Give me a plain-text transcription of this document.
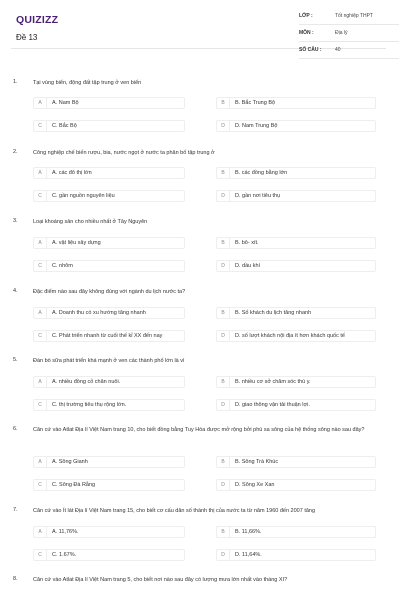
QUIZIZZ
Đề 13
LỚP :	Tốt nghiệp THPT
MÔN :	Địa lý
SỐ CÂU :	40
1.	Tại vùng biển, động đất tập trung ở ven biển
A	A. Nam Bộ	B	B. Bắc Trung Bộ
C	C. Bắc Bộ	D	D. Nam Trung Bộ
2.	Công nghiệp chế biến rượu, bia, nước ngọt ở nước ta phân bố tập trung ở
A	A. các đô thị lớn	B	B. các đồng bằng lớn
C	C. gần nguồn nguyên liệu	D	D. gần nơi tiêu thụ
3.	Loại khoáng sản cho nhiều nhất ở Tây Nguyên
A	A. vật liệu xây dựng	B	B. bô- xít.
C	C. nhôm	D	D. dầu khí
4.	Đặc điểm nào sau đây không đúng với ngành du lịch nước ta?
A	A. Doanh thu có xu hướng tăng nhanh	B	B. Số khách du lịch tăng nhanh
C	C. Phát triển nhanh từ cuối thế kỉ XX đến nay	D	D. số lượt khách nội địa ít hơn khách quốc tế
5.	Đàn bò sữa phát triển khá mạnh ở ven các thành phố lớn là vì
A	A. nhiều đồng cỏ chăn nuôi.	B	B. nhiều cơ sở chăm sóc thú y.
C	C. thị trường tiêu thụ rộng lớn.	D	D. giao thông vận tải thuận lợi.
6.	Căn cứ vào Atlat Địa lí Việt Nam trang 10, cho biết đồng bằng Tuy Hòa được mở rộng bởi phù sa sông của hệ thống sông nào sau đây?
A	A. Sông Gianh	B	B. Sông Trà Khúc
C	C. Sông Đà Rằng	D	D. Sông Xe Xan
7.	Căn cứ vào Ít lát Địa lí Việt Nam trang 15, cho biết cơ cấu dân số thành thị của nước ta từ năm 1960 đến 2007 tăng
A	A. 11,76%.	B	B. 11,66%.
C	C. 1.67%.	D	D. 11,64%.
8.	Căn cứ vào Atlat Địa lí Việt Nam trang 5, cho biết nơi nào sau đây có lượng mưa lớn nhất vào tháng XI?
